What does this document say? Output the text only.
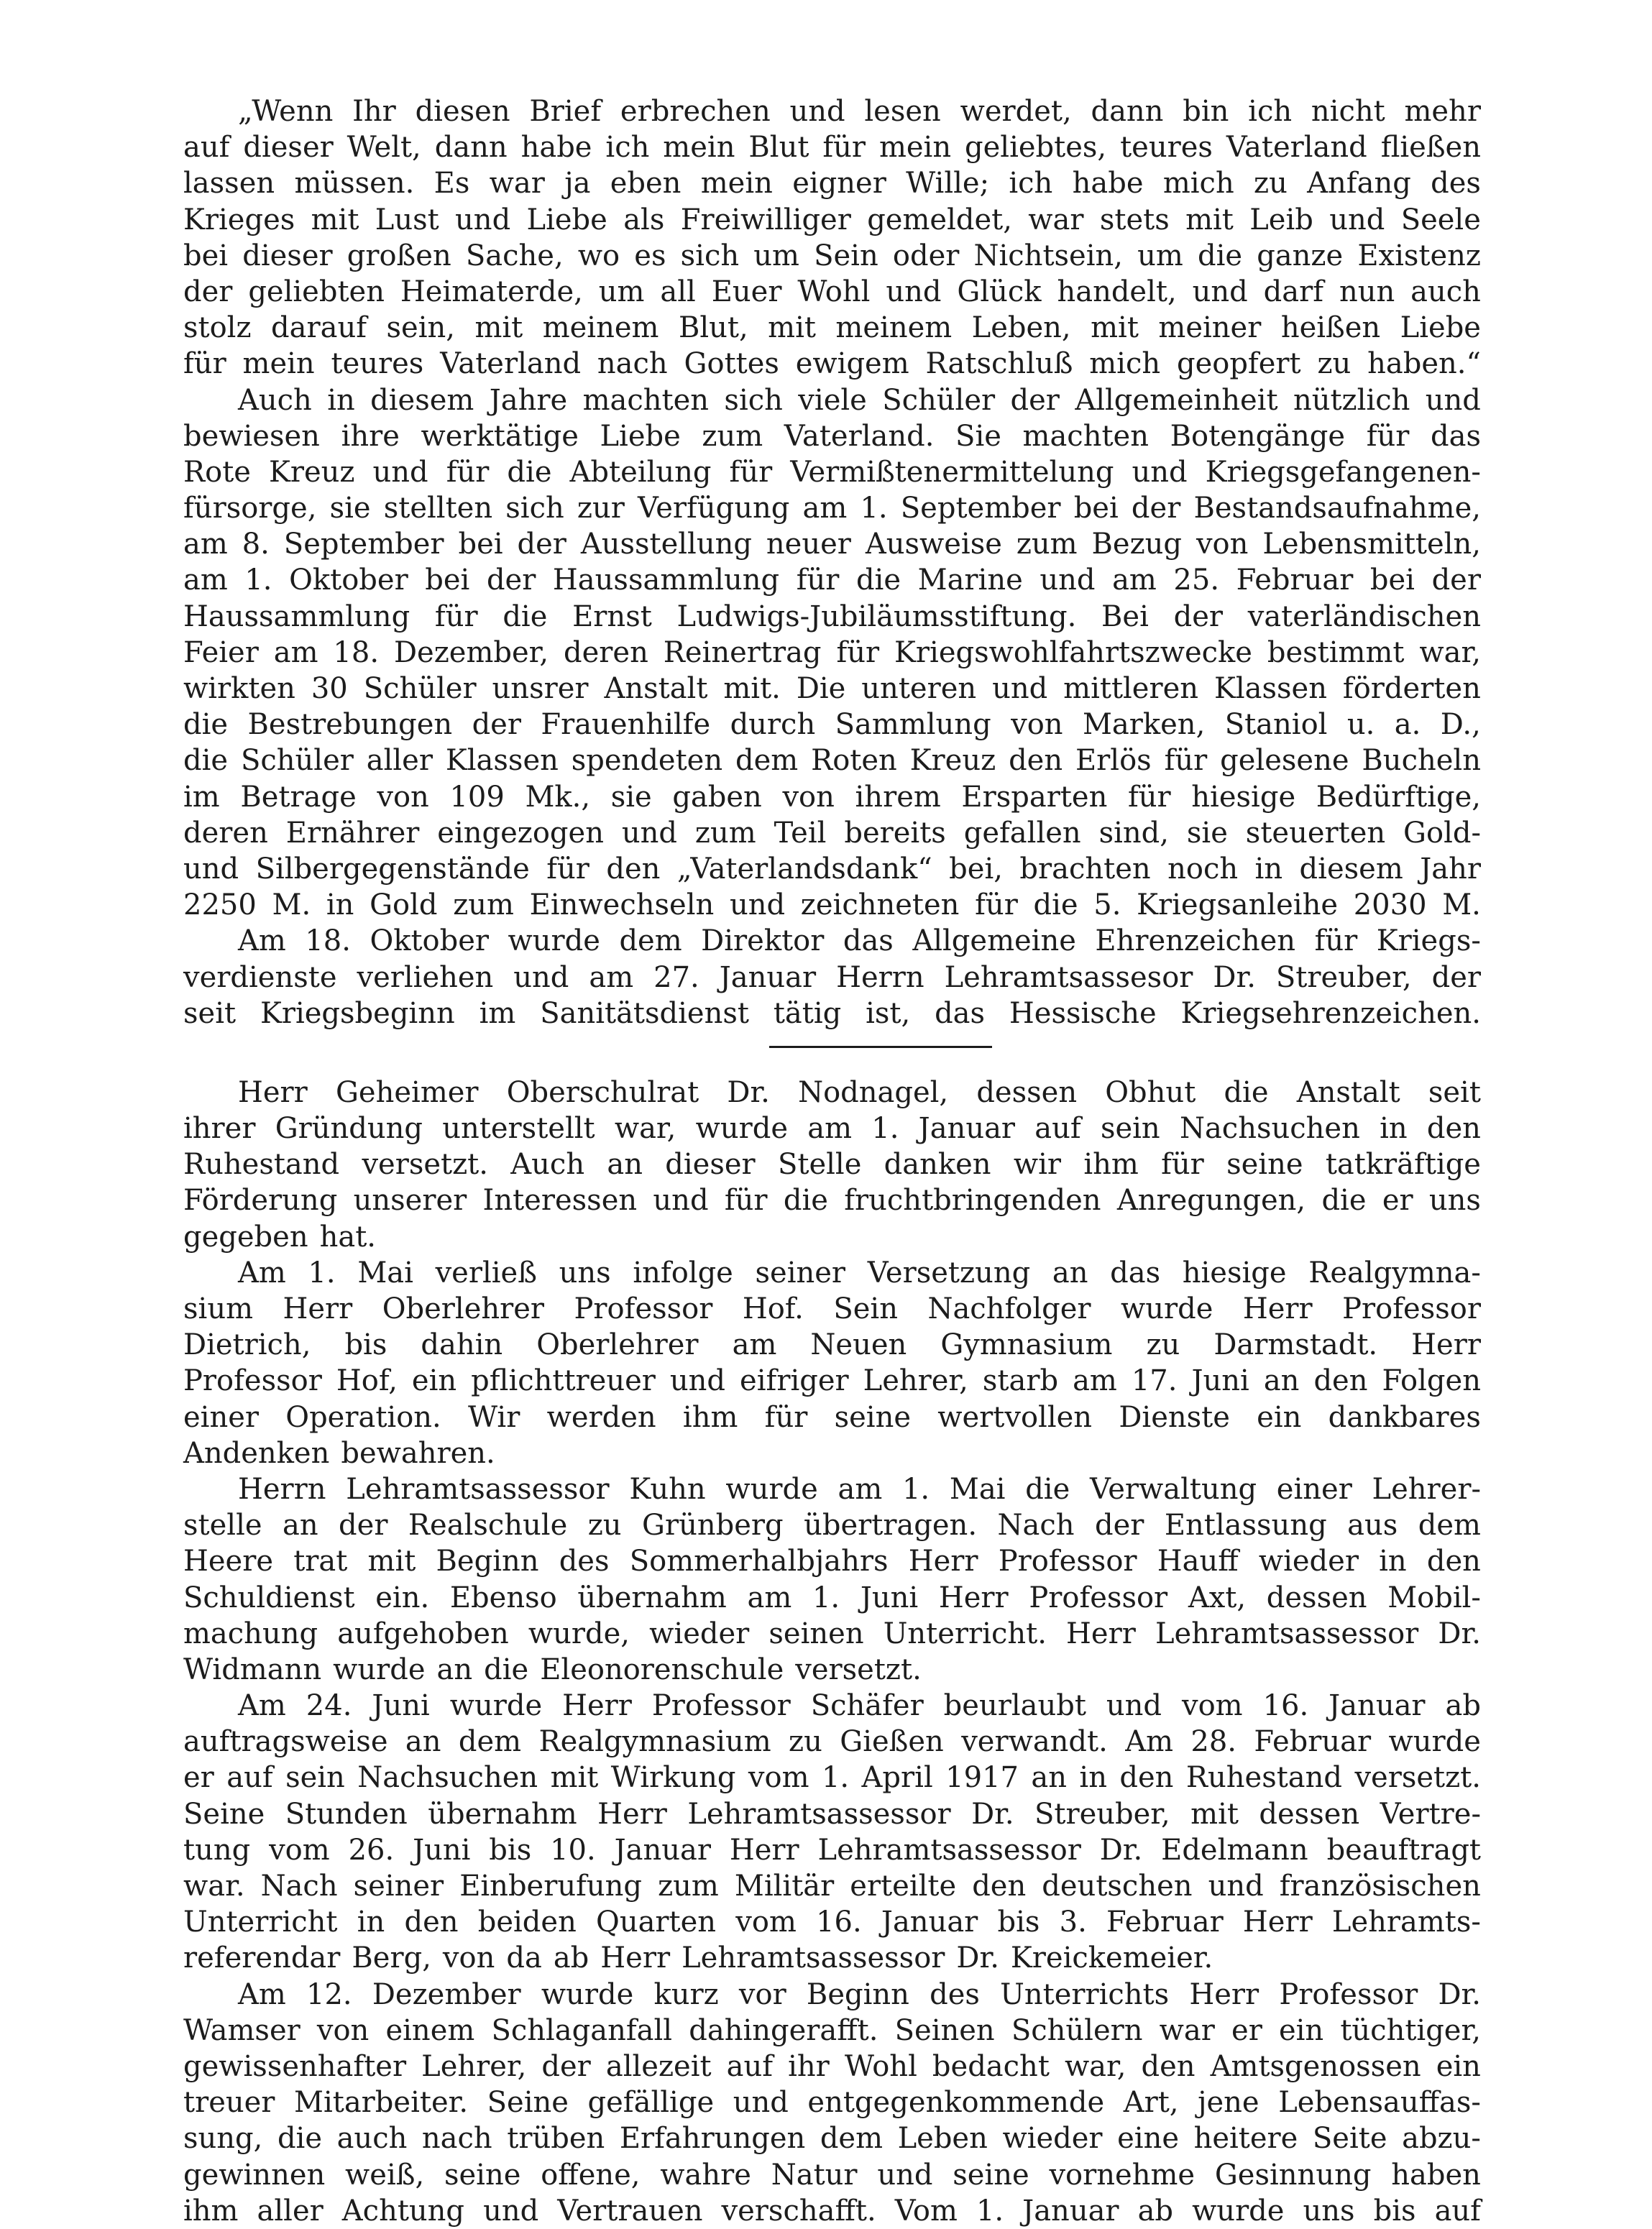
„Wenn Ihr diesen Brief erbrechen und lesen werdet, dann bin ich nicht mehr
auf dieser Welt, dann habe ich mein Blut für mein geliebtes, teures Vaterland fließen
lassen müssen. Es war ja eben mein eigner Wille; ich habe mich zu Anfang des
Krieges mit Lust und Liebe als Freiwilliger gemeldet, war stets mit Leib und Seele
bei dieser großen Sache, wo es sich um Sein oder Nichtsein, um die ganze Existenz
der geliebten Heimaterde, um all Euer Wohl und Glück handelt, und darf nun auch
stolz darauf sein, mit meinem Blut, mit meinem Leben, mit meiner heißen Liebe
für mein teures Vaterland nach Gottes ewigem Ratschluß mich geopfert zu haben.“
Auch in diesem Jahre machten sich viele Schüler der Allgemeinheit nützlich und
bewiesen ihre werktätige Liebe zum Vaterland. Sie machten Botengänge für das
Rote Kreuz und für die Abteilung für Vermißtenermittelung und Kriegsgefangenen-
fürsorge, sie stellten sich zur Verfügung am 1. September bei der Bestandsaufnahme,
am 8. September bei der Ausstellung neuer Ausweise zum Bezug von Lebensmitteln,
am 1. Oktober bei der Haussammlung für die Marine und am 25. Februar bei der
Haussammlung für die Ernst Ludwigs-Jubiläumsstiftung. Bei der vaterländischen
Feier am 18. Dezember, deren Reinertrag für Kriegswohlfahrtszwecke bestimmt war,
wirkten 30 Schüler unsrer Anstalt mit. Die unteren und mittleren Klassen förderten
die Bestrebungen der Frauenhilfe durch Sammlung von Marken, Staniol u. a. D.,
die Schüler aller Klassen spendeten dem Roten Kreuz den Erlös für gelesene Bucheln
im Betrage von 109 Mk., sie gaben von ihrem Ersparten für hiesige Bedürftige,
deren Ernährer eingezogen und zum Teil bereits gefallen sind, sie steuerten Gold-
und Silbergegenstände für den „Vaterlandsdank“ bei, brachten noch in diesem Jahr
2250 M. in Gold zum Einwechseln und zeichneten für die 5. Kriegsanleihe 2030 M.
Am 18. Oktober wurde dem Direktor das Allgemeine Ehrenzeichen für Kriegs-
verdienste verliehen und am 27. Januar Herrn Lehramtsassesor Dr. Streuber, der
seit Kriegsbeginn im Sanitätsdienst tätig ist, das Hessische Kriegsehrenzeichen.
Herr Geheimer Oberschulrat Dr. Nodnagel, dessen Obhut die Anstalt seit
ihrer Gründung unterstellt war, wurde am 1. Januar auf sein Nachsuchen in den
Ruhestand versetzt. Auch an dieser Stelle danken wir ihm für seine tatkräftige
Förderung unserer Interessen und für die fruchtbringenden Anregungen, die er uns
gegeben hat.
Am 1. Mai verließ uns infolge seiner Versetzung an das hiesige Realgymna-
sium Herr Oberlehrer Professor Hof. Sein Nachfolger wurde Herr Professor
Dietrich, bis dahin Oberlehrer am Neuen Gymnasium zu Darmstadt. Herr
Professor Hof, ein pflichttreuer und eifriger Lehrer, starb am 17. Juni an den Folgen
einer Operation. Wir werden ihm für seine wertvollen Dienste ein dankbares
Andenken bewahren.
Herrn Lehramtsassessor Kuhn wurde am 1. Mai die Verwaltung einer Lehrer-
stelle an der Realschule zu Grünberg übertragen. Nach der Entlassung aus dem
Heere trat mit Beginn des Sommerhalbjahrs Herr Professor Hauff wieder in den
Schuldienst ein. Ebenso übernahm am 1. Juni Herr Professor Axt, dessen Mobil-
machung aufgehoben wurde, wieder seinen Unterricht. Herr Lehramtsassessor Dr.
Widmann wurde an die Eleonorenschule versetzt.
Am 24. Juni wurde Herr Professor Schäfer beurlaubt und vom 16. Januar ab
auftragsweise an dem Realgymnasium zu Gießen verwandt. Am 28. Februar wurde
er auf sein Nachsuchen mit Wirkung vom 1. April 1917 an in den Ruhestand versetzt.
Seine Stunden übernahm Herr Lehramtsassessor Dr. Streuber, mit dessen Vertre-
tung vom 26. Juni bis 10. Januar Herr Lehramtsassessor Dr. Edelmann beauftragt
war. Nach seiner Einberufung zum Militär erteilte den deutschen und französischen
Unterricht in den beiden Quarten vom 16. Januar bis 3. Februar Herr Lehramts-
referendar Berg, von da ab Herr Lehramtsassessor Dr. Kreickemeier.
Am 12. Dezember wurde kurz vor Beginn des Unterrichts Herr Professor Dr.
Wamser von einem Schlaganfall dahingerafft. Seinen Schülern war er ein tüchtiger,
gewissenhafter Lehrer, der allezeit auf ihr Wohl bedacht war, den Amtsgenossen ein
treuer Mitarbeiter. Seine gefällige und entgegenkommende Art, jene Lebensauffas-
sung, die auch nach trüben Erfahrungen dem Leben wieder eine heitere Seite abzu-
gewinnen weiß, seine offene, wahre Natur und seine vornehme Gesinnung haben
ihm aller Achtung und Vertrauen verschafft. Vom 1. Januar ab wurde uns bis auf
